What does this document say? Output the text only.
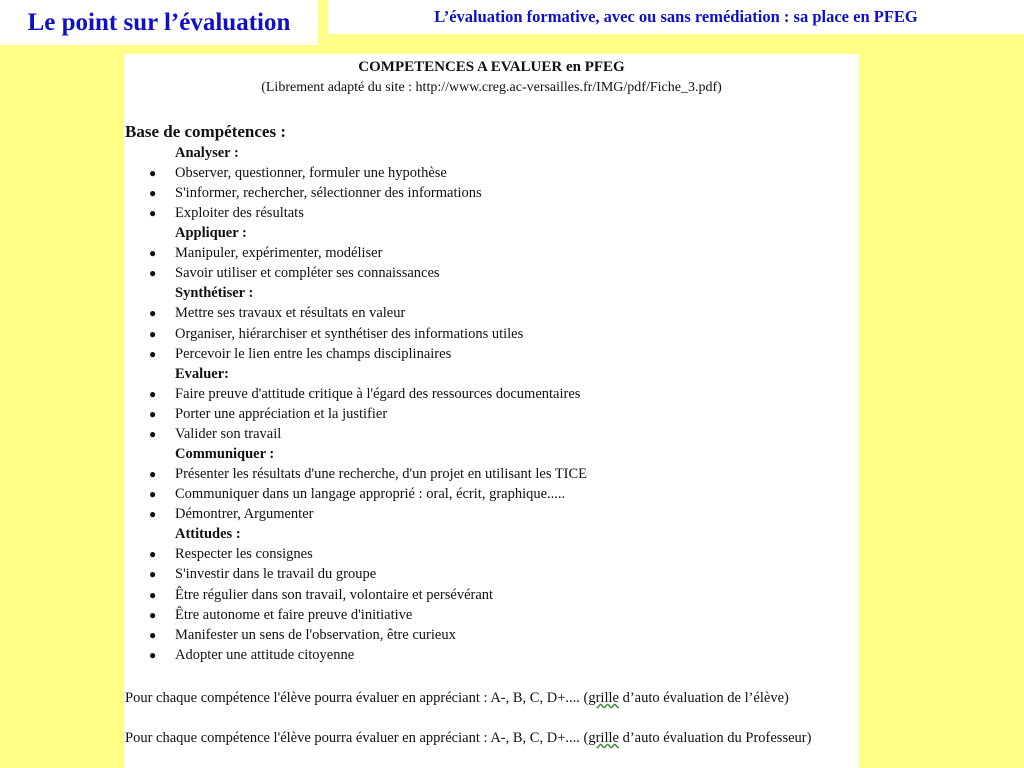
Le point sur l’évaluation	L’évaluation formative, avec ou sans remédiation : sa place en PFEG
COMPETENCES A EVALUER en PFEG
(Librement adapté du site : http://www.creg.ac-versailles.fr/IMG/pdf/Fiche_3.pdf)
Base de compétences :
Analyser :
● Observer, questionner, formuler une hypothèse
● S'informer, rechercher, sélectionner des informations
● Exploiter des résultats
Appliquer :
● Manipuler, expérimenter, modéliser
● Savoir utiliser et compléter ses connaissances
Synthétiser :
● Mettre ses travaux et résultats en valeur
● Organiser, hiérarchiser et synthétiser des informations utiles
● Percevoir le lien entre les champs disciplinaires
Evaluer:
● Faire preuve d'attitude critique à l'égard des ressources documentaires
● Porter une appréciation et la justifier
● Valider son travail
Communiquer :
● Présenter les résultats d'une recherche, d'un projet en utilisant les TICE
● Communiquer dans un langage approprié : oral, écrit, graphique.....
● Démontrer, Argumenter
Attitudes :
● Respecter les consignes
● S'investir dans le travail du groupe
● Être régulier dans son travail, volontaire et persévérant
● Être autonome et faire preuve d'initiative
● Manifester un sens de l'observation, être curieux
● Adopter une attitude citoyenne
Pour chaque compétence l'élève pourra évaluer en appréciant : A-, B, C, D+.... (grille d’auto évaluation de l’élève)
Pour chaque compétence l'élève pourra évaluer en appréciant : A-, B, C, D+.... (grille d’auto évaluation du Professeur)
